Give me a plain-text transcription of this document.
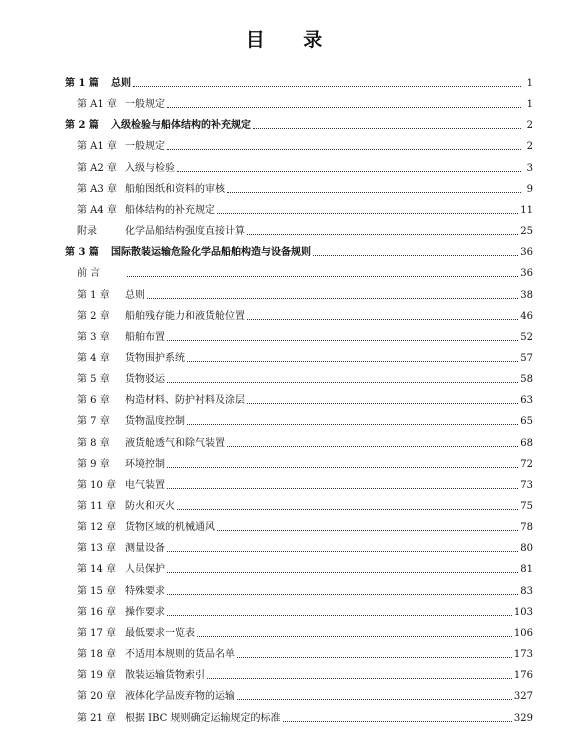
目 录
第 1 篇	总则	1
第 A1 章 一般规定	1
第 2 篇	入级检验与船体结构的补充规定	2
第 A1 章 一般规定	2
第 A2 章 入级与检验	3
第 A3 章 船舶图纸和资料的审核	9
第 A4 章 船体结构的补充规定	11
附录	化学品船结构强度直接计算	25
第 3 篇	国际散装运输危险化学品船舶构造与设备规则	36
前 言	36
第 1 章	总则	38
第 2 章	船舶残存能力和液货舱位置	46
第 3 章	船舶布置	52
第 4 章	货物围护系统	57
第 5 章	货物驳运	58
第 6 章	构造材料、防护衬料及涂层	63
第 7 章	货物温度控制	65
第 8 章	液货舱透气和除气装置	68
第 9 章	环境控制	72
第 10 章 电气装置	73
第 11 章 防火和灭火	75
第 12 章 货物区域的机械通风	78
第 13 章 测量设备	80
第 14 章 人员保护	81
第 15 章 特殊要求	83
第 16 章 操作要求	103
第 17 章 最低要求一览表	106
第 18 章 不适用本规则的货品名单	173
第 19 章 散装运输货物索引	176
第 20 章 液体化学品废弃物的运输	327
第 21 章 根据 IBC 规则确定运输规定的标准	329
